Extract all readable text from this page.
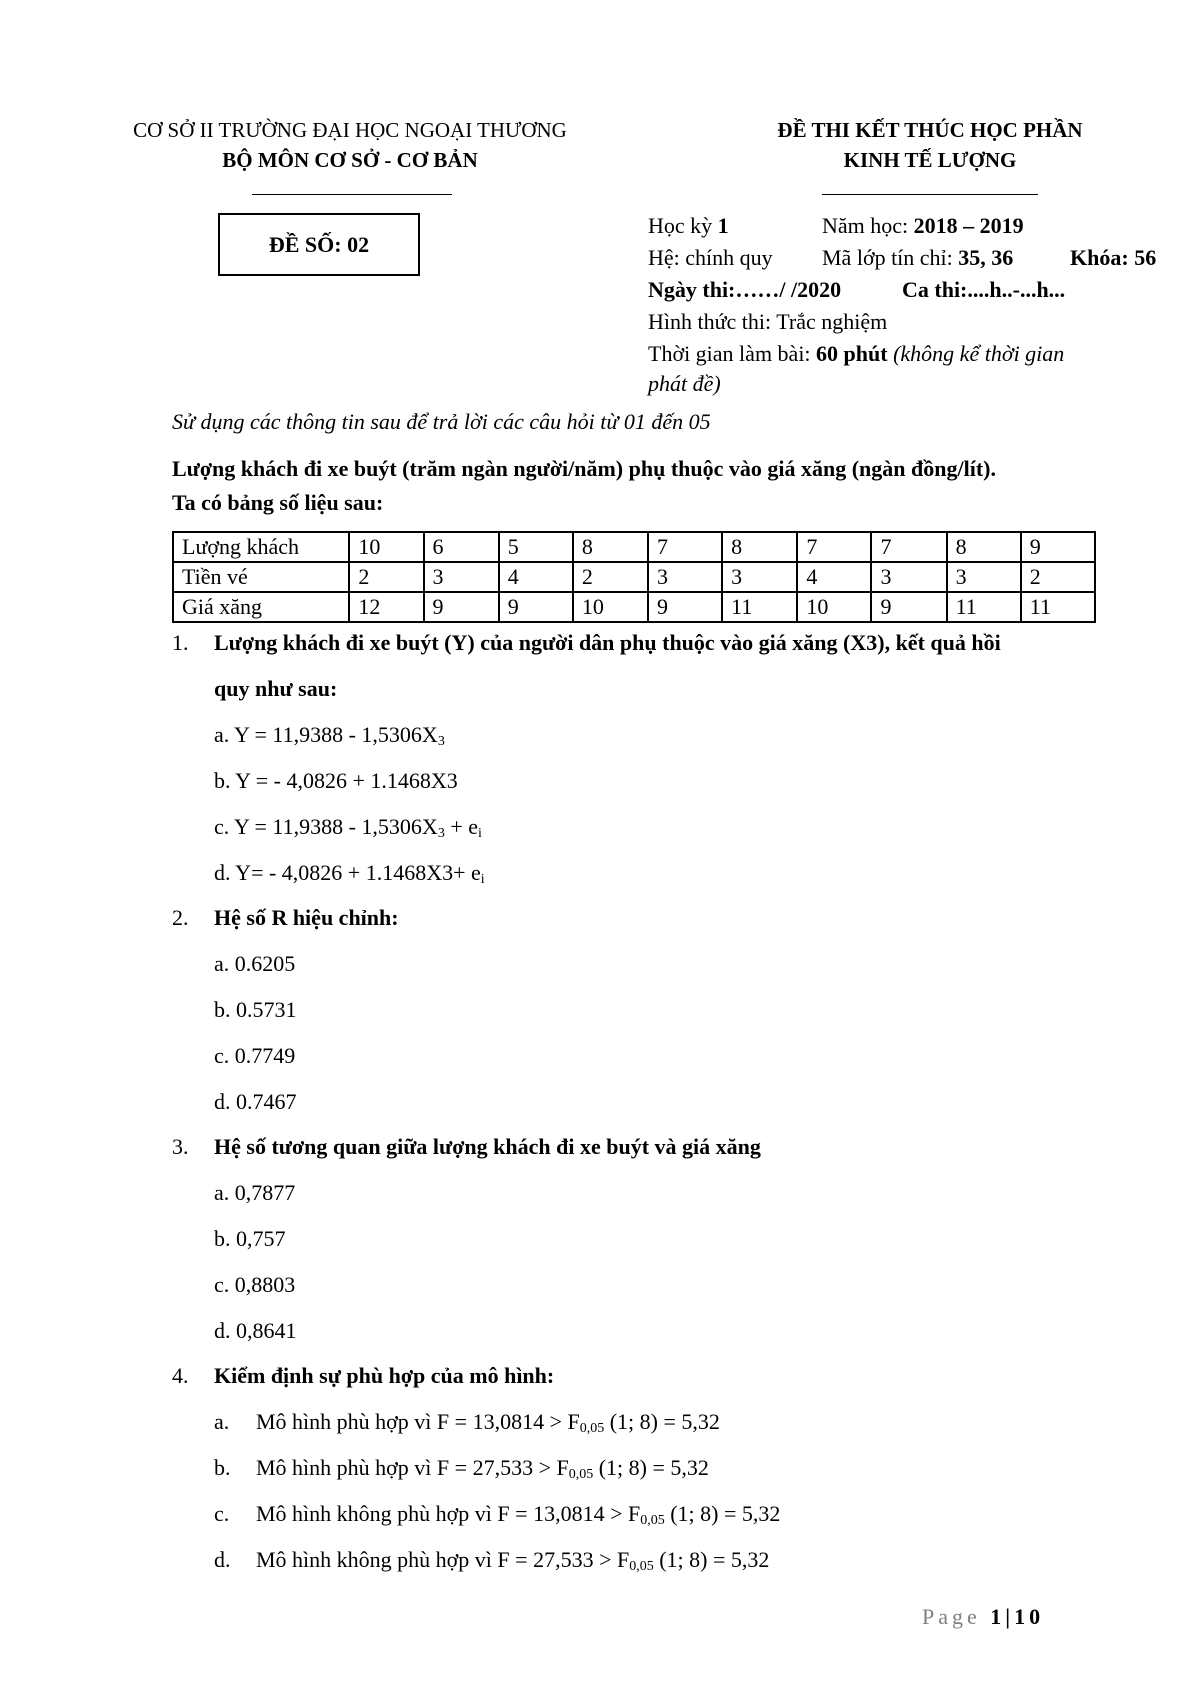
CƠ SỞ II TRƯỜNG ĐẠI HỌC NGOẠI THƯƠNG
BỘ MÔN CƠ SỞ - CƠ BẢN
ĐỀ THI KẾT THÚC HỌC PHẦN
KINH TẾ LƯỢNG
ĐỀ SỐ: 02
Học kỳ 1	Năm học: 2018 – 2019
Hệ: chính quy Mã lớp tín chỉ: 35, 36	Khóa: 56
Ngày thi:……/ /2020	Ca thi:....h..-...h...
Hình thức thi: Trắc nghiệm
Thời gian làm bài: 60 phút (không kể thời gian
phát đề)
Sử dụng các thông tin sau để trả lời các câu hỏi từ 01 đến 05
Lượng khách đi xe buýt (trăm ngàn người/năm) phụ thuộc vào giá xăng (ngàn đồng/lít).
Ta có bảng số liệu sau:
Lượng khách	10	6	5	8	7	8	7	7	8	9
Tiền vé	2	3	4	2	3	3	4	3	3	2
Giá xăng	12	9	9	10	9	11	10	9	11	11
1. Lượng khách đi xe buýt (Y) của người dân phụ thuộc vào giá xăng (X3), kết quả hồi
quy như sau:
a. $Y = 11,9388 - 1,5306X_3$
b. Y = - 4,0826 + 1.1468X3
c. $Y = 11,9388 - 1,5306X_3 + e_i$
d. $Y= - 4,0826 + 1.1468X3+ e_i$
2. Hệ số R hiệu chỉnh:
a. 0.6205
b. 0.5731
c. 0.7749
d. 0.7467
3. Hệ số tương quan giữa lượng khách đi xe buýt và giá xăng
a. 0,7877
b. 0,757
c. 0,8803
d. 0,8641
4. Kiểm định sự phù hợp của mô hình:
a. Mô hình phù hợp vì $F = 13,0814 > F_{0,05}$ (1; 8) = 5,32
b. Mô hình phù hợp vì $F = 27,533 > F_{0,05}$ (1; 8) = 5,32
c. Mô hình không phù hợp vì $F = 13,0814 > F_{0,05}$ (1; 8) = 5,32
d. Mô hình không phù hợp vì $F = 27,533 > F_{0,05}$ (1; 8) = 5,32
Page 1|10
